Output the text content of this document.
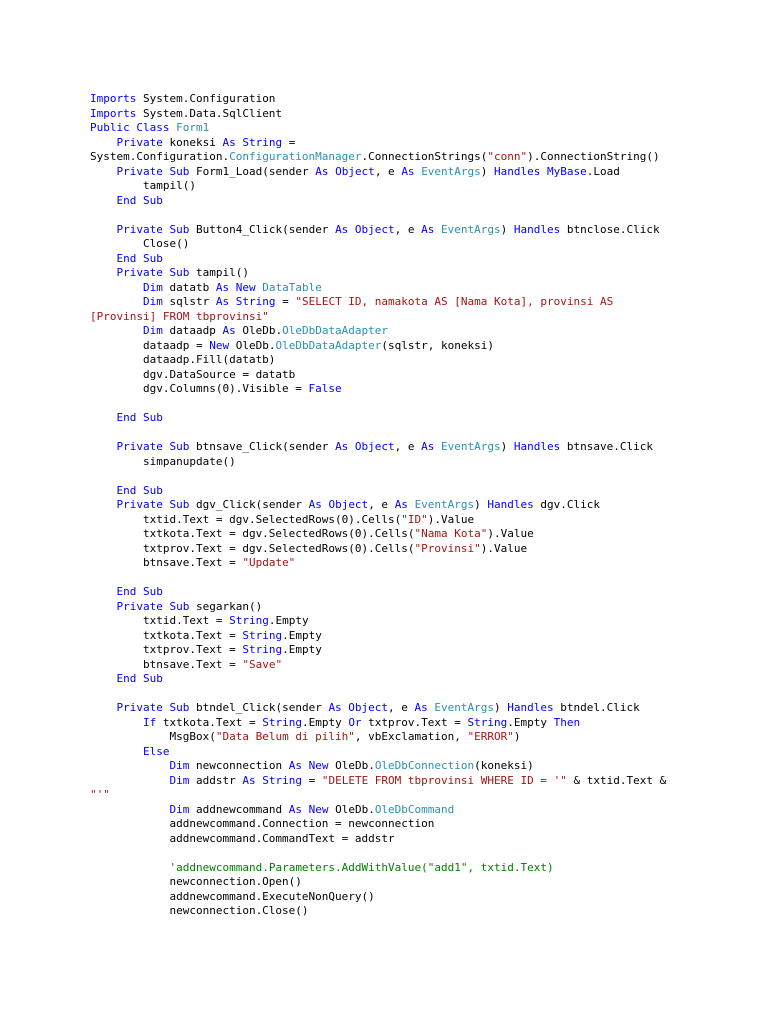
Imports System.Configuration
Imports System.Data.SqlClient
Public Class Form1
Private koneksi As String =
System.Configuration.ConfigurationManager.ConnectionStrings("conn").ConnectionString()
Private Sub Form1_Load(sender As Object, e As EventArgs) Handles MyBase.Load
tampil()
End Sub
Private Sub Button4_Click(sender As Object, e As EventArgs) Handles btnclose.Click
Close()
End Sub
Private Sub tampil()
Dim datatb As New DataTable
Dim sqlstr As String = "SELECT ID, namakota AS [Nama Kota], provinsi AS
[Provinsi] FROM tbprovinsi"
Dim dataadp As OleDb.OleDbDataAdapter
dataadp = New OleDb.OleDbDataAdapter(sqlstr, koneksi)
dataadp.Fill(datatb)
dgv.DataSource = datatb
dgv.Columns(0).Visible = False
End Sub
Private Sub btnsave_Click(sender As Object, e As EventArgs) Handles btnsave.Click
simpanupdate()
End Sub
Private Sub dgv_Click(sender As Object, e As EventArgs) Handles dgv.Click
txtid.Text = dgv.SelectedRows(0).Cells("ID").Value
txtkota.Text = dgv.SelectedRows(0).Cells("Nama Kota").Value
txtprov.Text = dgv.SelectedRows(0).Cells("Provinsi").Value
btnsave.Text = "Update"
End Sub
Private Sub segarkan()
txtid.Text = String.Empty
txtkota.Text = String.Empty
txtprov.Text = String.Empty
btnsave.Text = "Save"
End Sub
Private Sub btndel_Click(sender As Object, e As EventArgs) Handles btndel.Click
If txtkota.Text = String.Empty Or txtprov.Text = String.Empty Then
MsgBox("Data Belum di pilih", vbExclamation, "ERROR")
Else
Dim newconnection As New OleDb.OleDbConnection(koneksi)
Dim addstr As String = "DELETE FROM tbprovinsi WHERE ID = '" & txtid.Text &
"'"
Dim addnewcommand As New OleDb.OleDbCommand
addnewcommand.Connection = newconnection
addnewcommand.CommandText = addstr
'addnewcommand.Parameters.AddWithValue("add1", txtid.Text)
newconnection.Open()
addnewcommand.ExecuteNonQuery()
newconnection.Close()
